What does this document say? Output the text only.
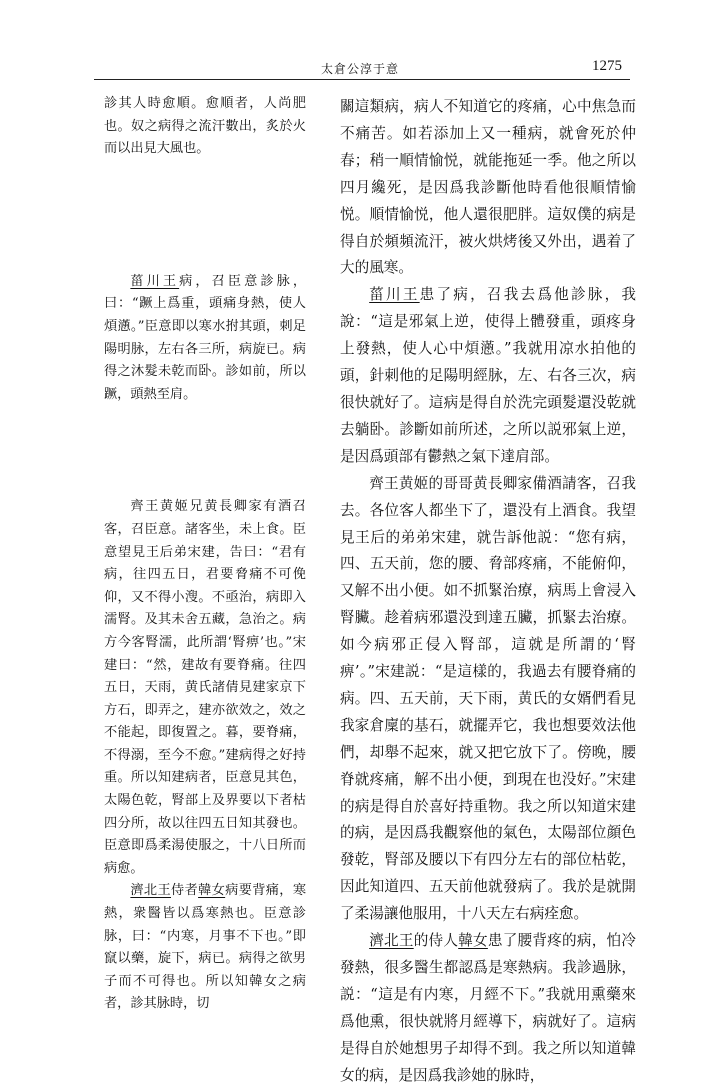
太倉公淳于意	1275

診其人時愈順。愈順者，人尚肥也。奴之病得之流汗數出，炙於火而以出見大風也。

菑川王病，召臣意診脉，曰：“蹶上爲重，頭痛身熱，使人煩懣。”臣意即以寒水拊其頭，刺足陽明脉，左右各三所，病旋已。病得之沐髮未乾而卧。診如前，所以蹶，頭熱至肩。

齊王黄姬兄黄長卿家有酒召客，召臣意。諸客坐，未上食。臣意望見王后弟宋建，告曰：“君有病，往四五日，君要脅痛不可俛仰，又不得小溲。不亟治，病即入濡腎。及其未舍五藏，急治之。病方今客腎濡，此所謂‘腎痹’也。”宋建曰：“然，建故有要脊痛。往四五日，天雨，黄氏諸倩見建家京下方石，即弄之，建亦欲效之，效之不能起，即復置之。暮，要脊痛，不得溺，至今不愈。”建病得之好持重。所以知建病者，臣意見其色，太陽色乾，腎部上及界要以下者枯四分所，故以往四五日知其發也。臣意即爲柔湯使服之，十八日所而病愈。

濟北王侍者韓女病要背痛，寒熱，衆醫皆以爲寒熱也。臣意診脉，曰：“内寒，月事不下也。”即竄以藥，旋下，病已。病得之欲男子而不可得也。所以知韓女之病者，診其脉時，切

關這類病，病人不知道它的疼痛，心中焦急而不痛苦。如若添加上又一種病，就會死於仲春；稍一順情愉悦，就能拖延一季。他之所以四月纔死，是因爲我診斷他時看他很順情愉悦。順情愉悦，他人還很肥胖。這奴僕的病是得自於頻頻流汗，被火烘烤後又外出，遇着了大的風寒。

菑川王患了病，召我去爲他診脉，我說：“這是邪氣上逆，使得上體發重，頭疼身上發熱，使人心中煩懣。”我就用凉水拍他的頭，針刺他的足陽明經脉，左、右各三次，病很快就好了。這病是得自於洗完頭髮還没乾就去躺卧。診斷如前所述，之所以説邪氣上逆，是因爲頭部有鬱熱之氣下達肩部。

齊王黄姬的哥哥黄長卿家備酒請客，召我去。各位客人都坐下了，還没有上酒食。我望見王后的弟弟宋建，就告訴他説：“您有病，四、五天前，您的腰、脅部疼痛，不能俯仰，又解不出小便。如不抓緊治療，病馬上會浸入腎臟。趁着病邪還没到達五臟，抓緊去治療。如今病邪正侵入腎部，這就是所謂的‘腎痹’。”宋建説：“是這樣的，我過去有腰脊痛的病。四、五天前，天下雨，黄氏的女婿們看見我家倉廩的基石，就擺弄它，我也想要效法他們，却舉不起來，就又把它放下了。傍晚，腰脊就疼痛，解不出小便，到現在也没好。”宋建的病是得自於喜好持重物。我之所以知道宋建的病，是因爲我觀察他的氣色，太陽部位顔色發乾，腎部及腰以下有四分左右的部位枯乾，因此知道四、五天前他就發病了。我於是就開了柔湯讓他服用，十八天左右病痊愈。

濟北王的侍人韓女患了腰背疼的病，怕冷發熱，很多醫生都認爲是寒熱病。我診過脉，説：“這是有内寒，月經不下。”我就用熏藥來爲他熏，很快就將月經導下，病就好了。這病是得自於她想男子却得不到。我之所以知道韓女的病，是因爲我診她的脉時，
